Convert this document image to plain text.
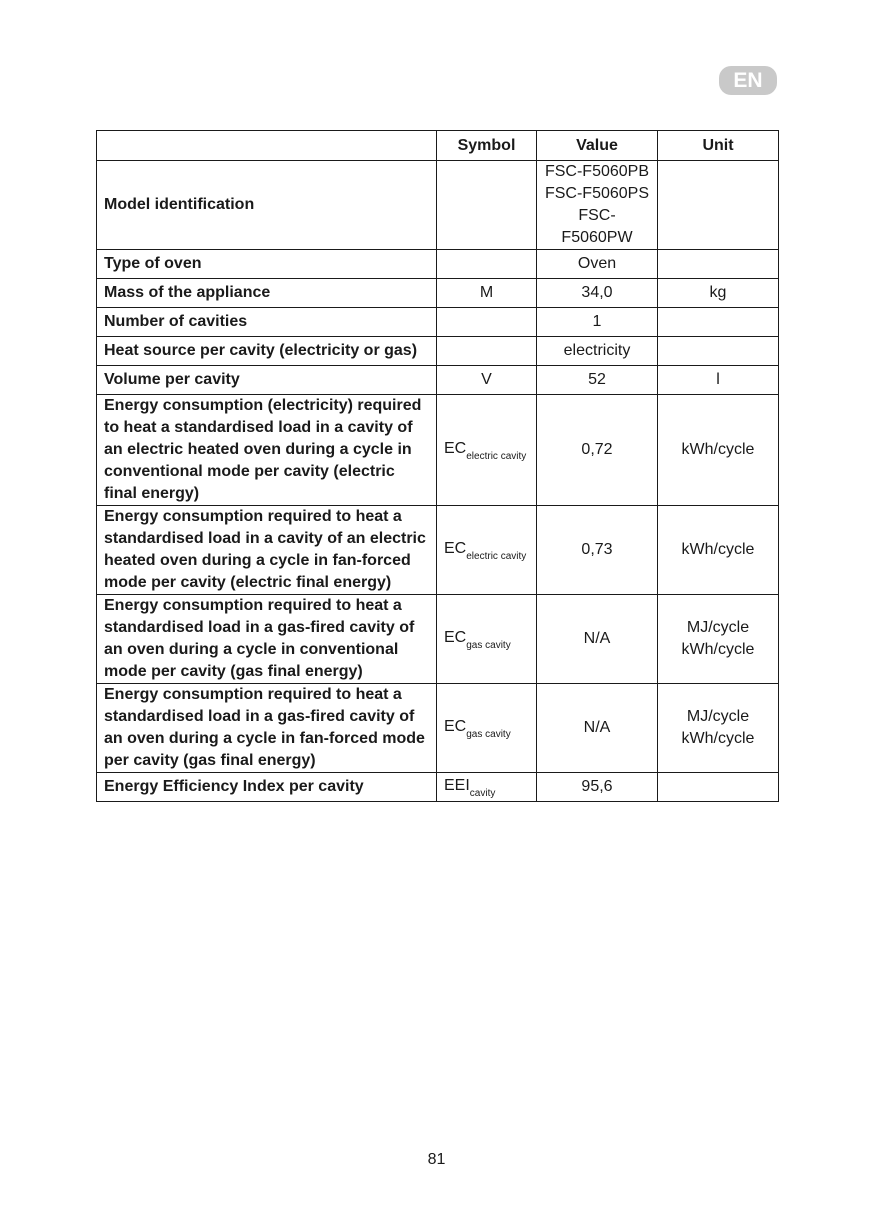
EN
	Symbol	Value	Unit
Model identification		FSC-F5060PB
FSC-F5060PS
FSC-F5060PW	

Type of oven		Oven	

Mass of the appliance	M	34,0	kg

Number of cavities		1	

Heat source per cavity (electricity or gas)		electricity	

Volume per cavity	V	52	l

Energy consumption (electricity) required to heat a standardised load in a cavity of an electric heated oven during a cycle in conventional mode per cavity (electric final energy)	$EC_{electric cavity}$	0,72	kWh/cycle

Energy consumption required to heat a standardised load in a cavity of an electric heated oven during a cycle in fan-forced mode per cavity (electric final energy)	$EC_{electric cavity}$	0,73	kWh/cycle

Energy consumption required to heat a standardised load in a gas-fired cavity of an oven during a cycle in conventional mode per cavity (gas final energy)	$EC_{gas cavity}$	N/A	MJ/cycle
kWh/cycle

Energy consumption required to heat a standardised load in a gas-fired cavity of an oven during a cycle in fan-forced mode per cavity (gas final energy)	$EC_{gas cavity}$	N/A	MJ/cycle
kWh/cycle

Energy Efficiency Index per cavity	$EEI_{cavity}$	95,6	

81
